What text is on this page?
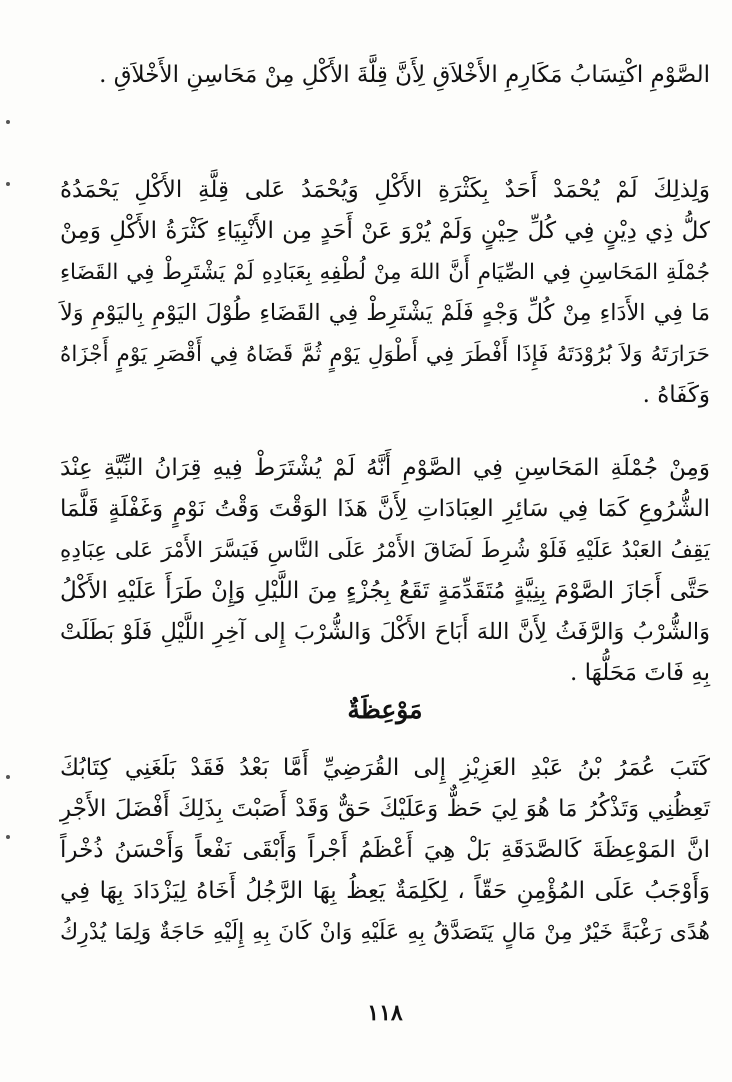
الصَّوْمِ اكْتِسَابُ مَكَارِمِ الأَخْلاَقِ لِأَنَّ قِلَّةَ الأَكْلِ مِنْ مَحَاسِنِ الأَخْلاَقِ .
وَلِذلِكَ لَمْ يُحْمَدْ أَحَدٌ بِكَثْرَةِ الأَكْلِ وَيُحْمَدُ عَلى قِلَّةِ الأَكْلِ يَحْمَدُهُ
كلُّ ذِي دِيْنٍ فِي كُلِّ حِيْنٍ وَلَمْ يُرْوَ عَنْ أَحَدٍ مِن الأَنْبِيَاءِ كَثْرَةُ الأَكْلِ وَمِنْ
جُمْلَةِ المَحَاسِنِ فِي الصِّيَامِ أَنَّ اللهَ مِنْ لُطْفِهِ بِعَبَادِهِ لَمْ يَشْتَرِطْ فِي القَضَاءِ
مَا فِي الأَدَاءِ مِنْ كُلِّ وَجْهٍ فَلَمْ يَشْتَرِطْ فِي القَضَاءِ طُوْلَ اليَوْمِ بِاليَوْمِ وَلاَ
حَرَارَتَهُ وَلاَ بُرُوْدَتَهُ فَإِذَا أَفْطَرَ فِي أَطْوَلِ يَوْمٍ ثُمَّ قَضَاهُ فِي أَقْصَرِ يَوْمٍ أَجْزَاهُ
وَكَفَاهُ .
وَمِنْ جُمْلَةِ المَحَاسِنِ فِي الصَّوْمِ أَنَّهُ لَمْ يُشْتَرَطْ فِيهِ قِرَانُ النِّيَّةِ عِنْدَ
الشُّرُوعِ كَمَا فِي سَائِرِ العِبَادَاتِ لِأَنَّ هَذَا الوَقْتَ وَقْتُ نَوْمٍ وَغَفْلَةٍ قَلَّمَا
يَقِفُ العَبْدُ عَلَيْهِ فَلَوْ شُرِطَ لَضَاقَ الأَمْرُ عَلَى النَّاسِ فَيَسَّرَ الأَمْرَ عَلى عِبَادِهِ
حَتَّى أَجَازَ الصَّوْمَ بِنِيَّةٍ مُتَقَدِّمَةٍ تَقَعُ بِجُزْءٍ مِنَ اللَّيْلِ وَإِنْ طَرَأَ عَلَيْهِ الأَكْلُ
وَالشُّرْبُ وَالرَّفَثُ لِأَنَّ اللهَ أَبَاحَ الأَكْلَ وَالشُّرْبَ إِلى آخِرِ اللَّيْلِ فَلَوْ بَطَلَتْ
بِهِ فَاتَ مَحَلُّهَا .
مَوْعِظَةٌ
كَتَبَ عُمَرُ بْنُ عَبْدِ العَزِيْزِ إِلى القُرَضِيِّ أَمَّا بَعْدُ فَقَدْ بَلَغَنِي كِتَابُكَ
تَعِظُنِي وَتَذْكُرُ مَا هُوَ لِيَ حَظٌّ وَعَلَيْكَ حَقٌّ وَقَدْ أَصَبْتَ بِذَلِكَ أَفْضَلَ الأَجْرِ
انَّ المَوْعِظَةَ كَالصَّدَقَةِ بَلْ هِيَ أَعْظَمُ أَجْراً وَأَبْقَى نَفْعاً وَأَحْسَنُ ذُخْراً
وَأَوْجَبُ عَلَى المُؤْمِنِ حَقّاً ، لِكَلِمَةٌ يَعِظُ بِهَا الرَّجُلُ أَخَاهُ لِيَزْدَادَ بِهَا فِي
هُدًى رَغْبَةً خَيْرٌ مِنْ مَالٍ يَتَصَدَّقُ بِهِ عَلَيْهِ وَانْ كَانَ بِهِ إِلَيْهِ حَاجَةٌ وَلِمَا يُدْرِكُ
١١٨
